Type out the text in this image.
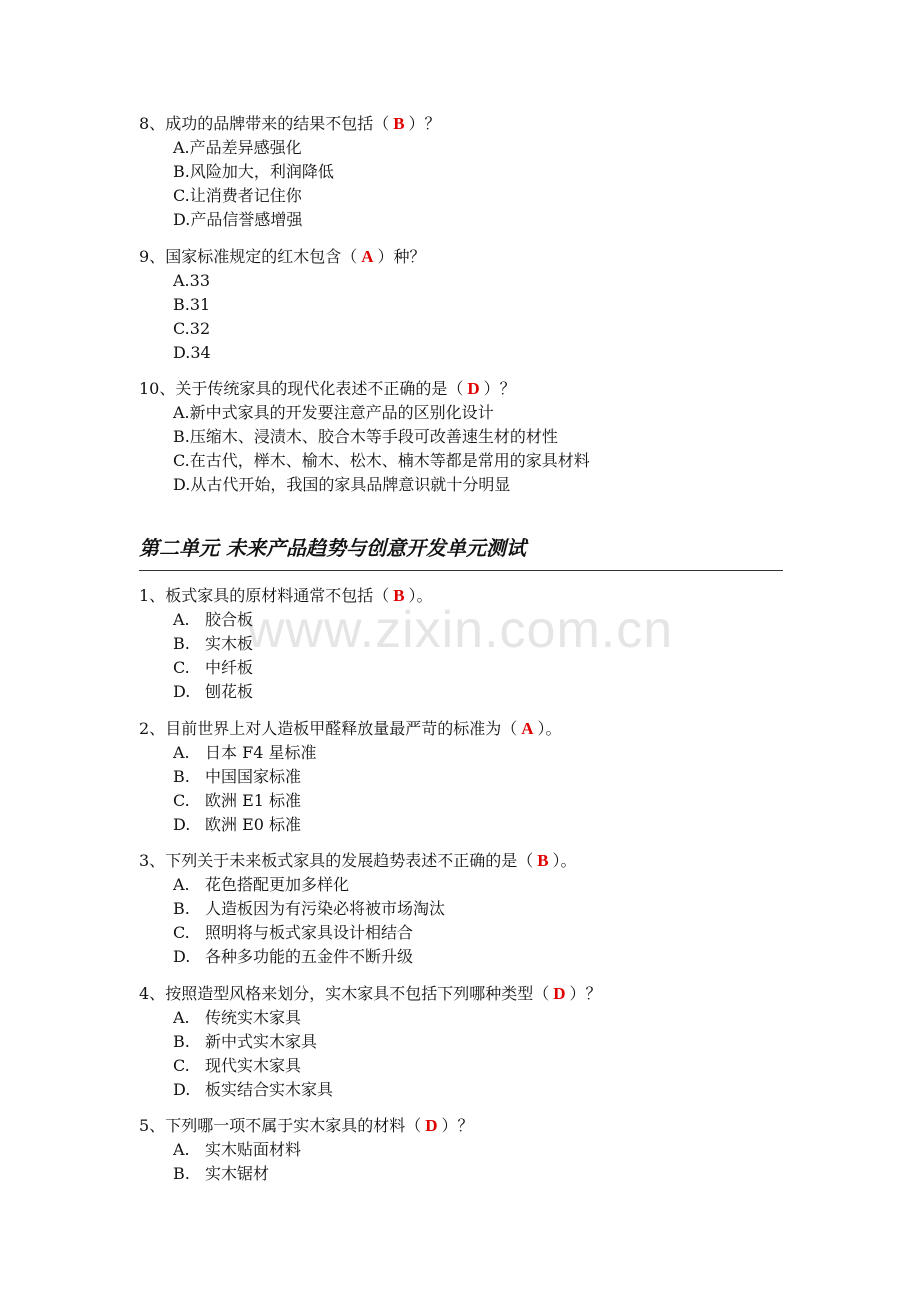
8、成功的品牌带来的结果不包括（ B ）？
A.产品差异感强化
B.风险加大，利润降低
C.让消费者记住你
D.产品信誉感增强
9、国家标准规定的红木包含（ A ）种？
A.33
B.31
C.32
D.34
10、关于传统家具的现代化表述不正确的是（ D ）？
A.新中式家具的开发要注意产品的区别化设计
B.压缩木、浸渍木、胶合木等手段可改善速生材的材性
C.在古代，榉木、榆木、松木、楠木等都是常用的家具材料
D.从古代开始，我国的家具品牌意识就十分明显
第二单元 未来产品趋势与创意开发单元测试
www.zixin.com.cn
1、板式家具的原材料通常不包括（ B ）。
A. 胶合板
B. 实木板
C. 中纤板
D. 刨花板
2、目前世界上对人造板甲醛释放量最严苛的标准为（ A ）。
A. 日本 F4 星标准
B. 中国国家标准
C. 欧洲 E1 标准
D. 欧洲 E0 标准
3、下列关于未来板式家具的发展趋势表述不正确的是（ B ）。
A. 花色搭配更加多样化
B. 人造板因为有污染必将被市场淘汰
C. 照明将与板式家具设计相结合
D. 各种多功能的五金件不断升级
4、按照造型风格来划分，实木家具不包括下列哪种类型（ D ）？
A. 传统实木家具
B. 新中式实木家具
C. 现代实木家具
D. 板实结合实木家具
5、下列哪一项不属于实木家具的材料（ D ）？
A. 实木贴面材料
B. 实木锯材
